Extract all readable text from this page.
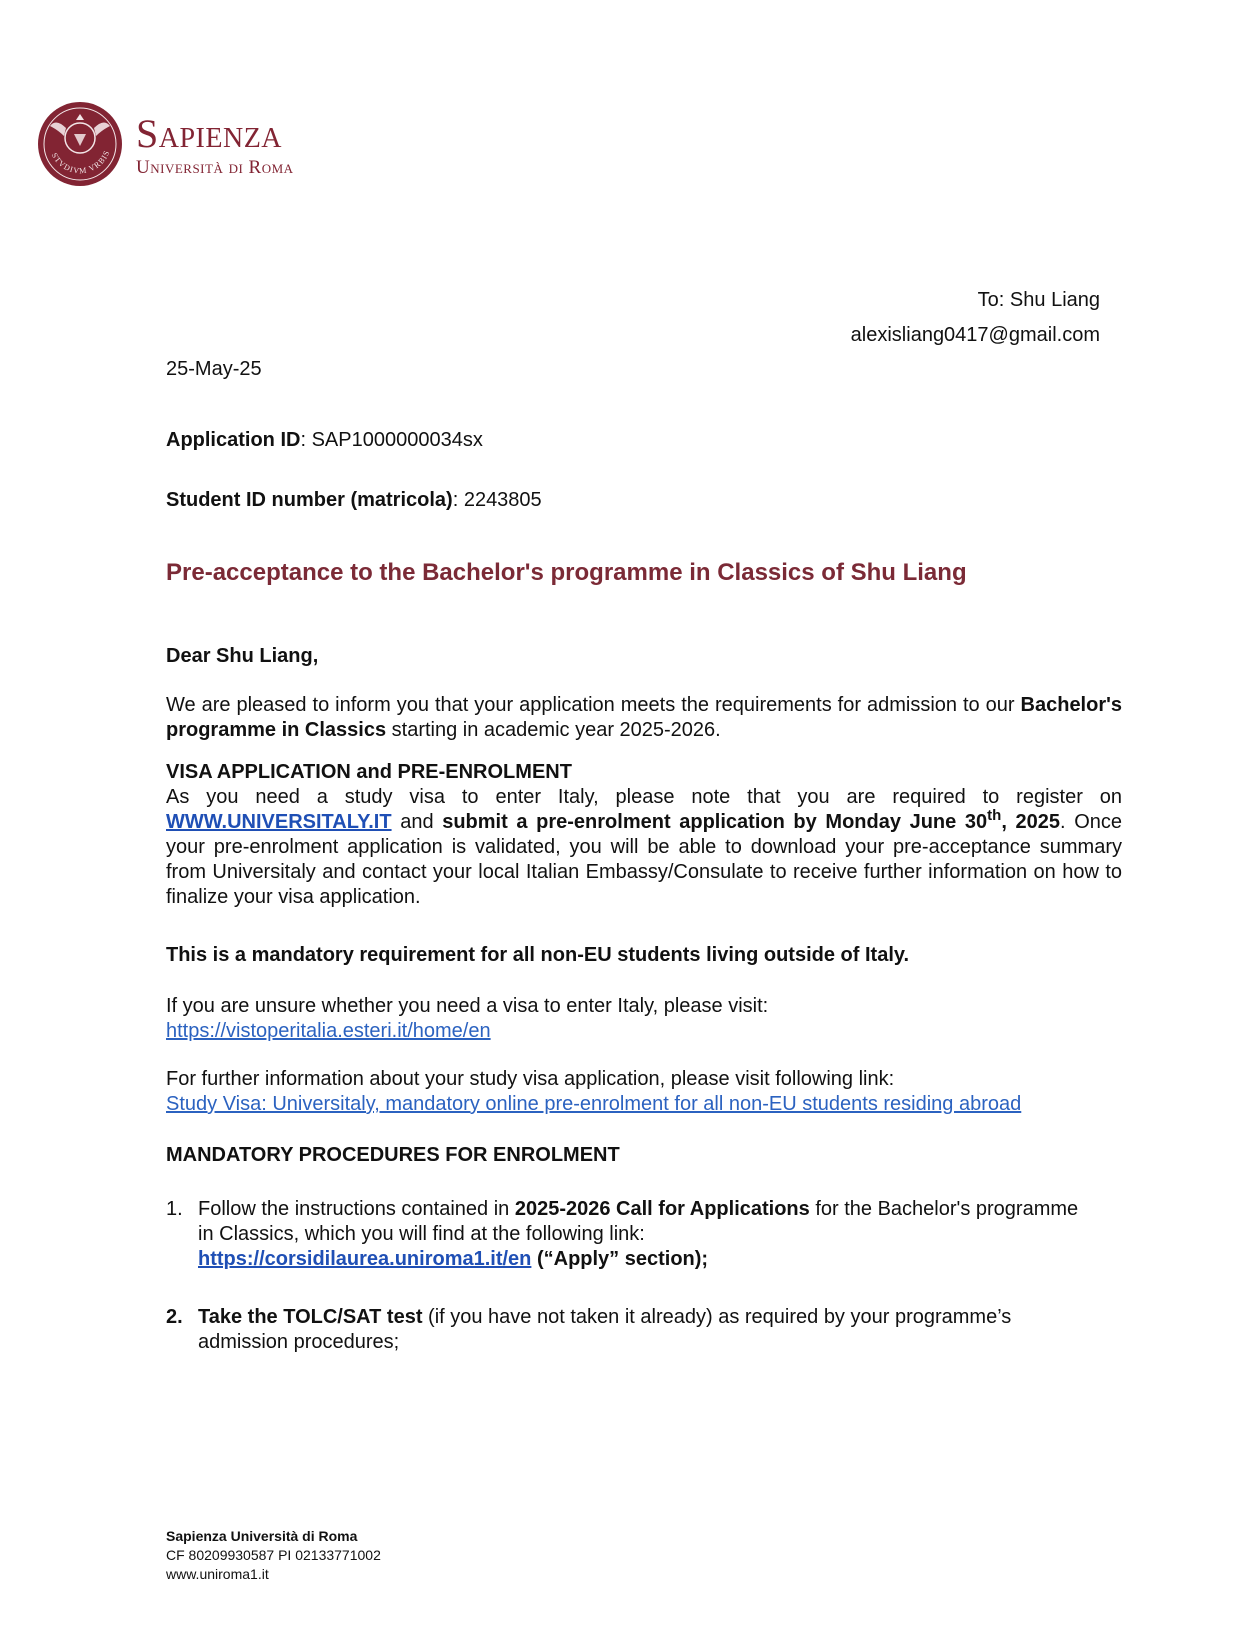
STVDIVM VRBIS Sapienza

Università di Roma

To: Shu Liang
alexisliang0417@gmail.com
25-May-25
Application ID: SAP1000000034sx
Student ID number (matricola): 2243805
Pre-acceptance to the Bachelor's programme in Classics of Shu Liang
Dear Shu Liang,
We are pleased to inform you that your application meets the requirements for admission to our Bachelor's programme in Classics starting in academic year 2025-2026.
VISA APPLICATION and PRE-ENROLMENT
As you need a study visa to enter Italy, please note that you are required to register on WWW.UNIVERSITALY.IT and submit a pre-enrolment application by Monday June 30th, 2025. Once your pre-enrolment application is validated, you will be able to download your pre-acceptance summary from Universitaly and contact your local Italian Embassy/Consulate to receive further information on how to finalize your visa application.
This is a mandatory requirement for all non-EU students living outside of Italy.
If you are unsure whether you need a visa to enter Italy, please visit:
https://vistoperitalia.esteri.it/home/en
For further information about your study visa application, please visit following link:
Study Visa: Universitaly, mandatory online pre-enrolment for all non-EU students residing abroad
MANDATORY PROCEDURES FOR ENROLMENT
1. Follow the instructions contained in 2025-2026 Call for Applications for the Bachelor's programme in Classics, which you will find at the following link:
https://corsidilaurea.uniroma1.it/en (“Apply” section);
2. Take the TOLC/SAT test (if you have not taken it already) as required by your programme’s admission procedures;
Sapienza Università di Roma
CF 80209930587 PI 02133771002
www.uniroma1.it
